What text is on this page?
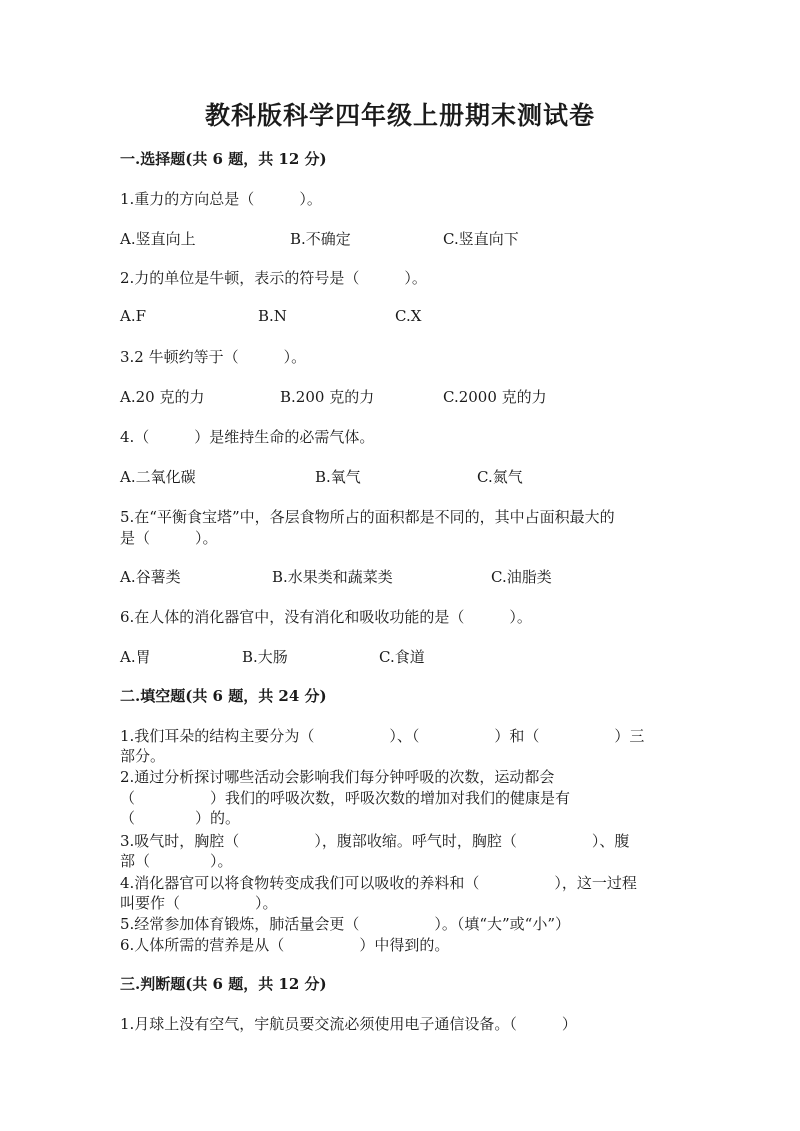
教科版科学四年级上册期末测试卷
一.选择题(共 6 题，共 12 分)
1.重力的方向总是（　　　）。
A.竖直向上	B.不确定	C.竖直向下
2.力的单位是牛顿，表示的符号是（　　　）。
A.F	B.N	C.X
3.2 牛顿约等于（　　　）。
A.20 克的力	B.200 克的力	C.2000 克的力
4.（　　　）是维持生命的必需气体。
A.二氧化碳	B.氧气	C.氮气
5.在“平衡食宝塔”中，各层食物所占的面积都是不同的，其中占面积最大的
是（　　　）。
A.谷薯类	B.水果类和蔬菜类	C.油脂类
6.在人体的消化器官中，没有消化和吸收功能的是（　　　）。
A.胃	B.大肠	C.食道
二.填空题(共 6 题，共 24 分)
1.我们耳朵的结构主要分为（　　　　　）、（　　　　　）和（　　　　　）三
部分。
2.通过分析探讨哪些活动会影响我们每分钟呼吸的次数，运动都会
（　　　　　）我们的呼吸次数，呼吸次数的增加对我们的健康是有
（　　　　）的。
3.吸气时，胸腔（　　　　　），腹部收缩。呼气时，胸腔（　　　　　）、腹
部（　　　　）。
4.消化器官可以将食物转变成我们可以吸收的养料和（　　　　　），这一过程
叫要作（　　　　　）。
5.经常参加体育锻炼，肺活量会更（　　　　　）。（填“大”或“小”）
6.人体所需的营养是从（　　　　　）中得到的。
三.判断题(共 6 题，共 12 分)
1.月球上没有空气，宇航员要交流必须使用电子通信设备。（　　　）
